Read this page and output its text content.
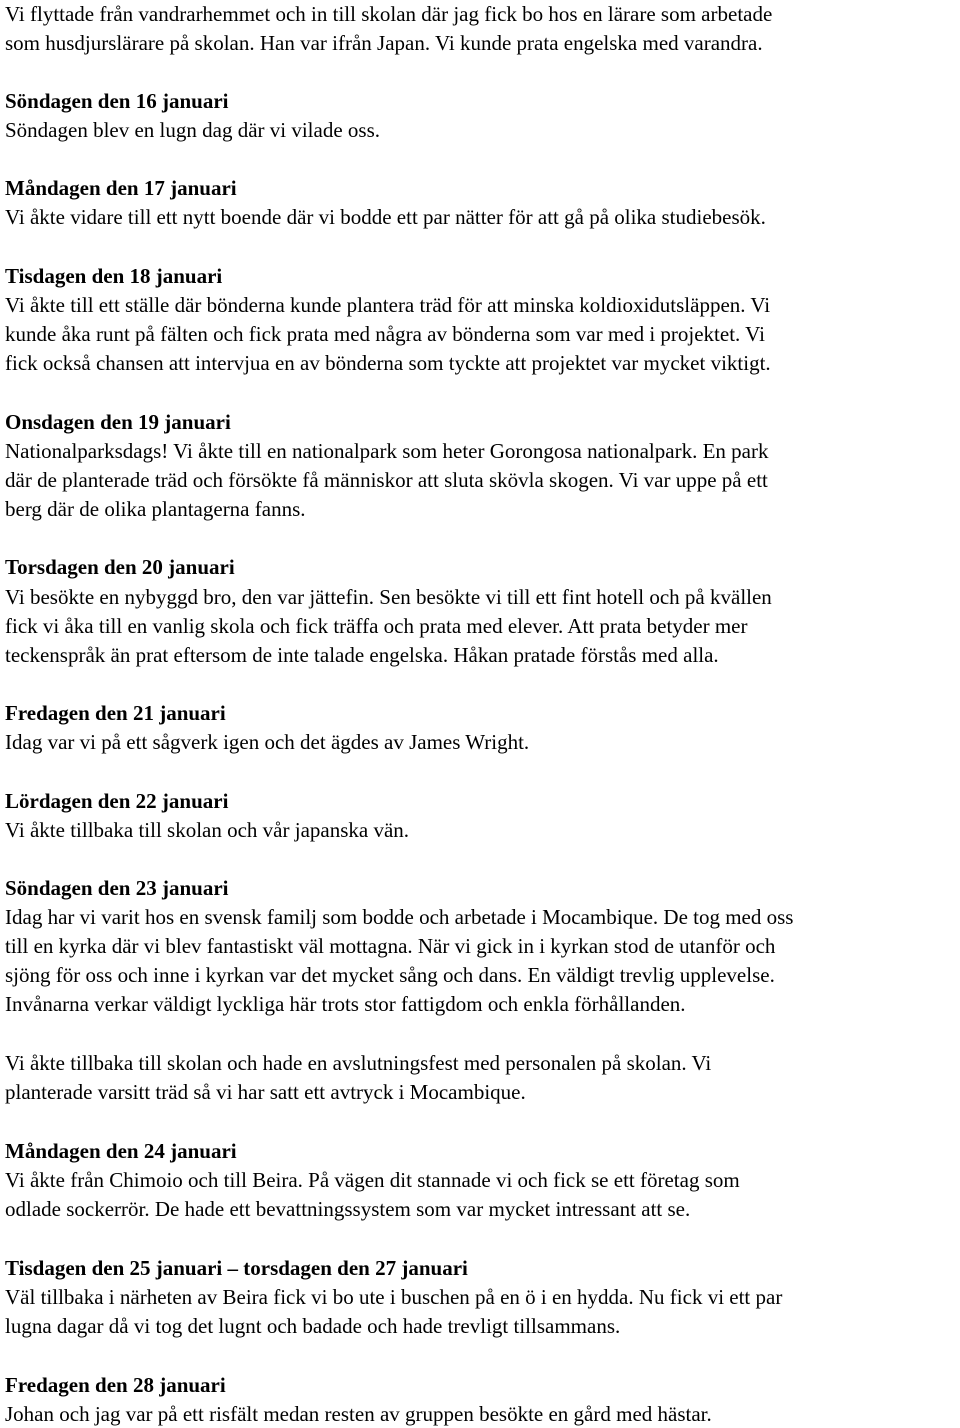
Vi flyttade från vandrarhemmet och in till skolan där jag fick bo hos en lärare som arbetade

som husdjurslärare på skolan. Han var ifrån Japan. Vi kunde prata engelska med varandra.

Söndagen den 16 januari

Söndagen blev en lugn dag där vi vilade oss.

Måndagen den 17 januari

Vi åkte vidare till ett nytt boende där vi bodde ett par nätter för att gå på olika studiebesök.

Tisdagen den 18 januari

Vi åkte till ett ställe där bönderna kunde plantera träd för att minska koldioxidutsläppen. Vi

kunde åka runt på fälten och fick prata med några av bönderna som var med i projektet. Vi

fick också chansen att intervjua en av bönderna som tyckte att projektet var mycket viktigt.

Onsdagen den 19 januari

Nationalparksdags! Vi åkte till en nationalpark som heter Gorongosa nationalpark. En park

där de planterade träd och försökte få människor att sluta skövla skogen. Vi var uppe på ett

berg där de olika plantagerna fanns.

Torsdagen den 20 januari

Vi besökte en nybyggd bro, den var jättefin. Sen besökte vi till ett fint hotell och på kvällen

fick vi åka till en vanlig skola och fick träffa och prata med elever. Att prata betyder mer

teckenspråk än prat eftersom de inte talade engelska. Håkan pratade förstås med alla.

Fredagen den 21 januari

Idag var vi på ett sågverk igen och det ägdes av James Wright.

Lördagen den 22 januari

Vi åkte tillbaka till skolan och vår japanska vän.

Söndagen den 23 januari

Idag har vi varit hos en svensk familj som bodde och arbetade i Mocambique. De tog med oss

till en kyrka där vi blev fantastiskt väl mottagna. När vi gick in i kyrkan stod de utanför och

sjöng för oss och inne i kyrkan var det mycket sång och dans. En väldigt trevlig upplevelse.

Invånarna verkar väldigt lyckliga här trots stor fattigdom och enkla förhållanden.

Vi åkte tillbaka till skolan och hade en avslutningsfest med personalen på skolan. Vi

planterade varsitt träd så vi har satt ett avtryck i Mocambique.

Måndagen den 24 januari

Vi åkte från Chimoio och till Beira. På vägen dit stannade vi och fick se ett företag som

odlade sockerrör. De hade ett bevattningssystem som var mycket intressant att se.

Tisdagen den 25 januari – torsdagen den 27 januari

Väl tillbaka i närheten av Beira fick vi bo ute i buschen på en ö i en hydda. Nu fick vi ett par

lugna dagar då vi tog det lugnt och badade och hade trevligt tillsammans.

Fredagen den 28 januari

Johan och jag var på ett risfält medan resten av gruppen besökte en gård med hästar.
